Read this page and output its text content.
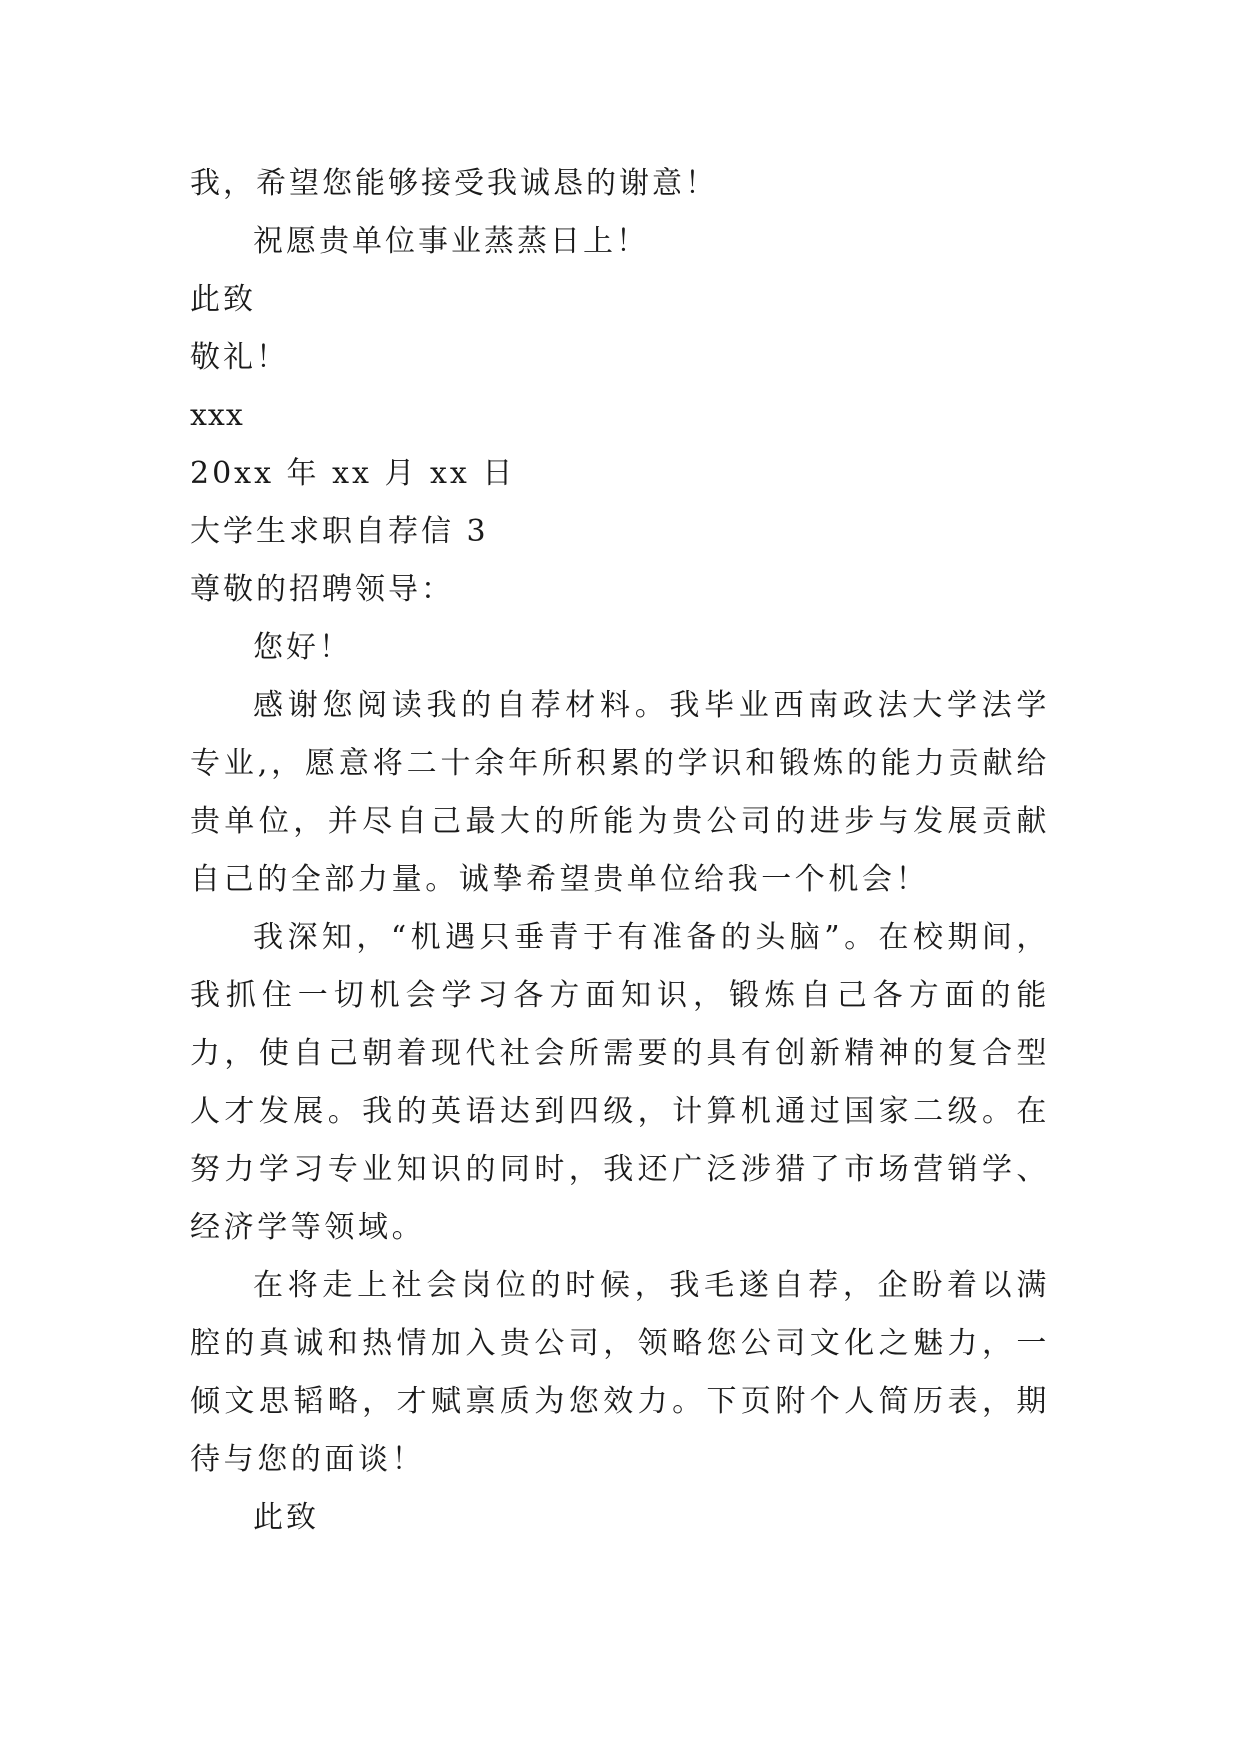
我，希望您能够接受我诚恳的谢意！
祝愿贵单位事业蒸蒸日上！
此致
敬礼！
xxx
20xx 年 xx 月 xx 日
大学生求职自荐信 3
尊敬的招聘领导：
您好！

感谢您阅读我的自荐材料。我毕业西南政法大学法学专业,，愿意将二十余年所积累的学识和锻炼的能力贡献给贵单位，并尽自己最大的所能为贵公司的进步与发展贡献自己的全部力量。诚挚希望贵单位给我一个机会！

我深知，“机遇只垂青于有准备的头脑”。在校期间，我抓住一切机会学习各方面知识，锻炼自己各方面的能力，使自己朝着现代社会所需要的具有创新精神的复合型人才发展。我的英语达到四级，计算机通过国家二级。在努力学习专业知识的同时，我还广泛涉猎了市场营销学、经济学等领域。

在将走上社会岗位的时候，我毛遂自荐，企盼着以满腔的真诚和热情加入贵公司，领略您公司文化之魅力，一倾文思韬略，才赋禀质为您效力。下页附个人简历表，期待与您的面谈！

此致
